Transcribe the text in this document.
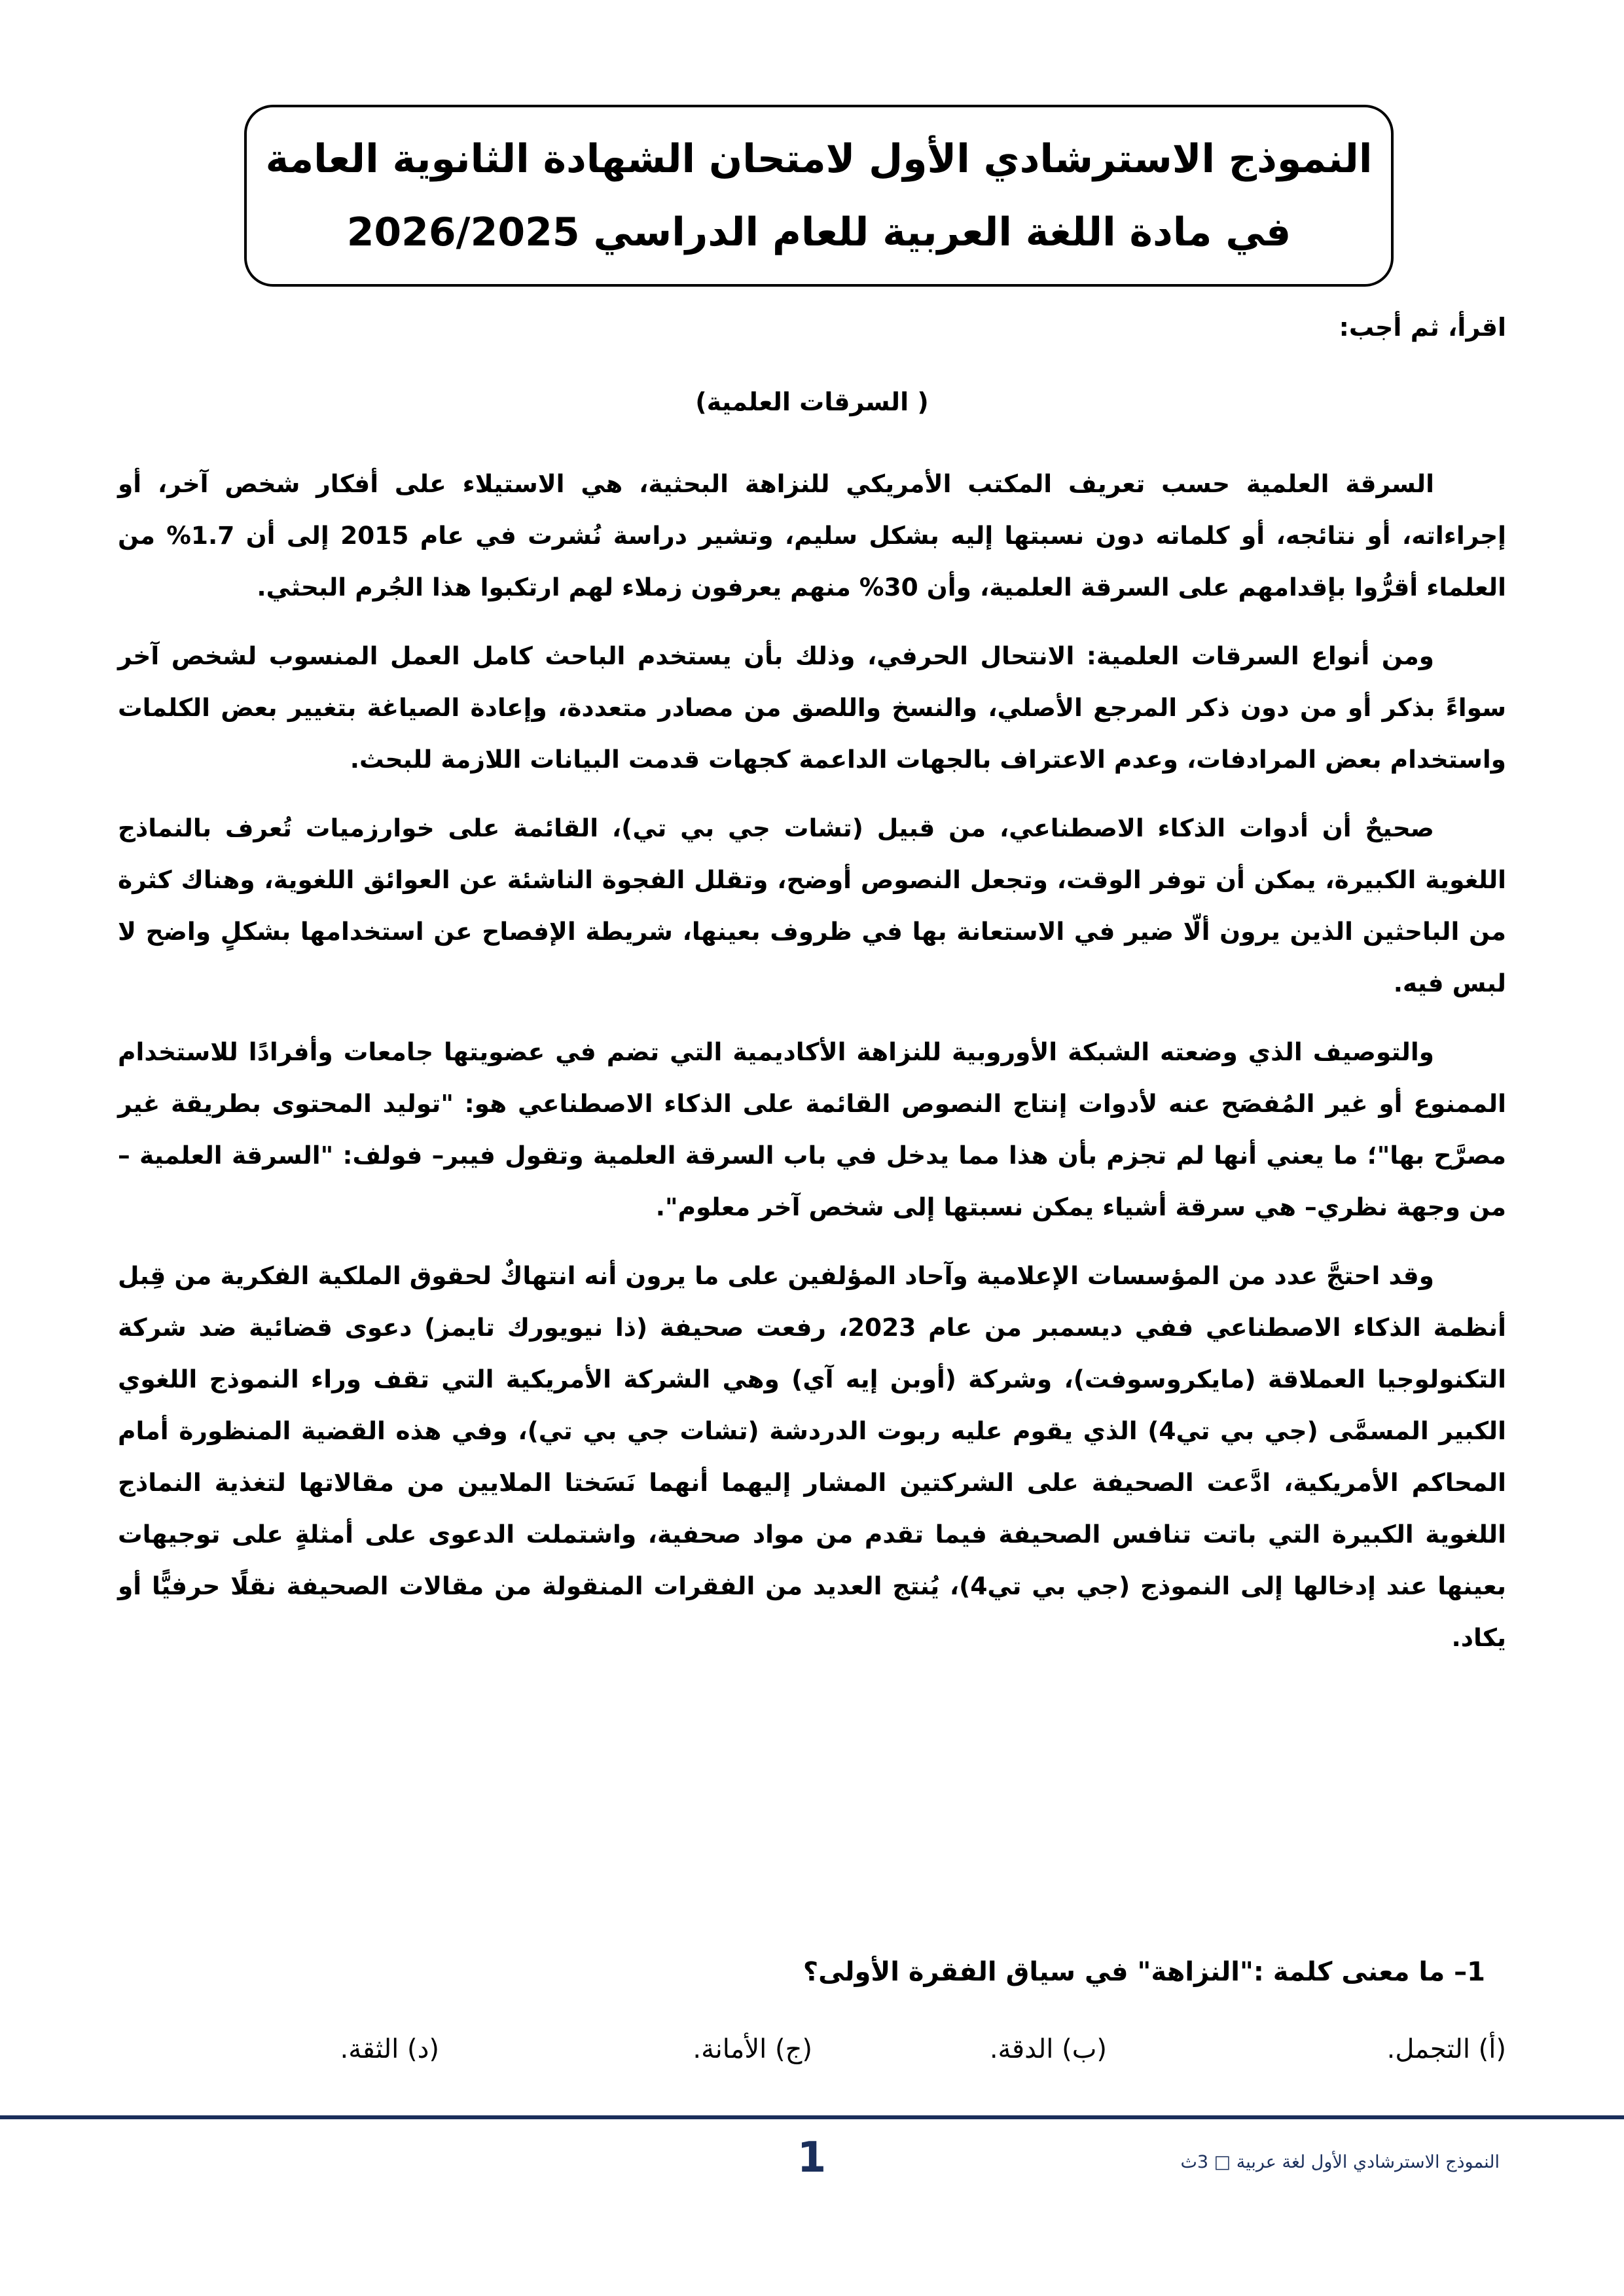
النموذج الاسترشادي الأول لامتحان الشهادة الثانوية العامة
في مادة اللغة العربية للعام الدراسي 2026/2025
اقرأ، ثم أجب:
( السرقات العلمية)

السرقة العلمية حسب تعريف المكتب الأمريكي للنزاهة البحثية، هي الاستيلاء على أفكار شخص آخر، أو إجراءاته، أو نتائجه، أو كلماته دون نسبتها إليه بشكل سليم، وتشير دراسة نُشرت في عام 2015 إلى أن 1.7% من العلماء أقرُّوا بإقدامهم على السرقة العلمية، وأن 30% منهم يعرفون زملاء لهم ارتكبوا هذا الجُرم البحثي.

ومن أنواع السرقات العلمية: الانتحال الحرفي، وذلك بأن يستخدم الباحث كامل العمل المنسوب لشخص آخر سواءً بذكر أو من دون ذكر المرجع الأصلي، والنسخ واللصق من مصادر متعددة، وإعادة الصياغة بتغيير بعض الكلمات واستخدام بعض المرادفات، وعدم الاعتراف بالجهات الداعمة كجهات قدمت البيانات اللازمة للبحث.

صحيحٌ أن أدوات الذكاء الاصطناعي، من قبيل (تشات جي بي تي)، القائمة على خوارزميات تُعرف بالنماذج اللغوية الكبيرة، يمكن أن توفر الوقت، وتجعل النصوص أوضح، وتقلل الفجوة الناشئة عن العوائق اللغوية، وهناك كثرة من الباحثين الذين يرون ألّا ضير في الاستعانة بها في ظروف بعينها، شريطة الإفصاح عن استخدامها بشكلٍ واضح لا لبس فيه.

والتوصيف الذي وضعته الشبكة الأوروبية للنزاهة الأكاديمية التي تضم في عضويتها جامعات وأفرادًا للاستخدام الممنوع أو غير المُفصَح عنه لأدوات إنتاج النصوص القائمة على الذكاء الاصطناعي هو: "توليد المحتوى بطريقة غير مصرَّح بها"؛ ما يعني أنها لم تجزم بأن هذا مما يدخل في باب السرقة العلمية وتقول فيبر– فولف: "السرقة العلمية – من وجهة نظري– هي سرقة أشياء يمكن نسبتها إلى شخص آخر معلوم".

وقد احتجَّ عدد من المؤسسات الإعلامية وآحاد المؤلفين على ما يرون أنه انتهاكٌ لحقوق الملكية الفكرية من قِبل أنظمة الذكاء الاصطناعي ففي ديسمبر من عام 2023، رفعت صحيفة (ذا نيويورك تايمز) دعوى قضائية ضد شركة التكنولوجيا العملاقة (مايكروسوفت)، وشركة (أوبن إيه آي) وهي الشركة الأمريكية التي تقف وراء النموذج اللغوي الكبير المسمَّى (جي بي تي4) الذي يقوم عليه ربوت الدردشة (تشات جي بي تي)، وفي هذه القضية المنظورة أمام المحاكم الأمريكية، ادَّعت الصحيفة على الشركتين المشار إليهما أنهما نَسَختا الملايين من مقالاتها لتغذية النماذج اللغوية الكبيرة التي باتت تنافس الصحيفة فيما تقدم من مواد صحفية، واشتملت الدعوى على أمثلةٍ على توجيهات بعينها عند إدخالها إلى النموذج (جي بي تي4)، يُنتج العديد من الفقرات المنقولة من مقالات الصحيفة نقلًا حرفيًّا أو يكاد.

1– ما معنى كلمة :"النزاهة" في سياق الفقرة الأولى؟
(أ) التجمل.
(ب) الدقة.
(ج) الأمانة.
(د) الثقة.
1	النموذج الاسترشادي الأول لغة عربية □ 3ث
